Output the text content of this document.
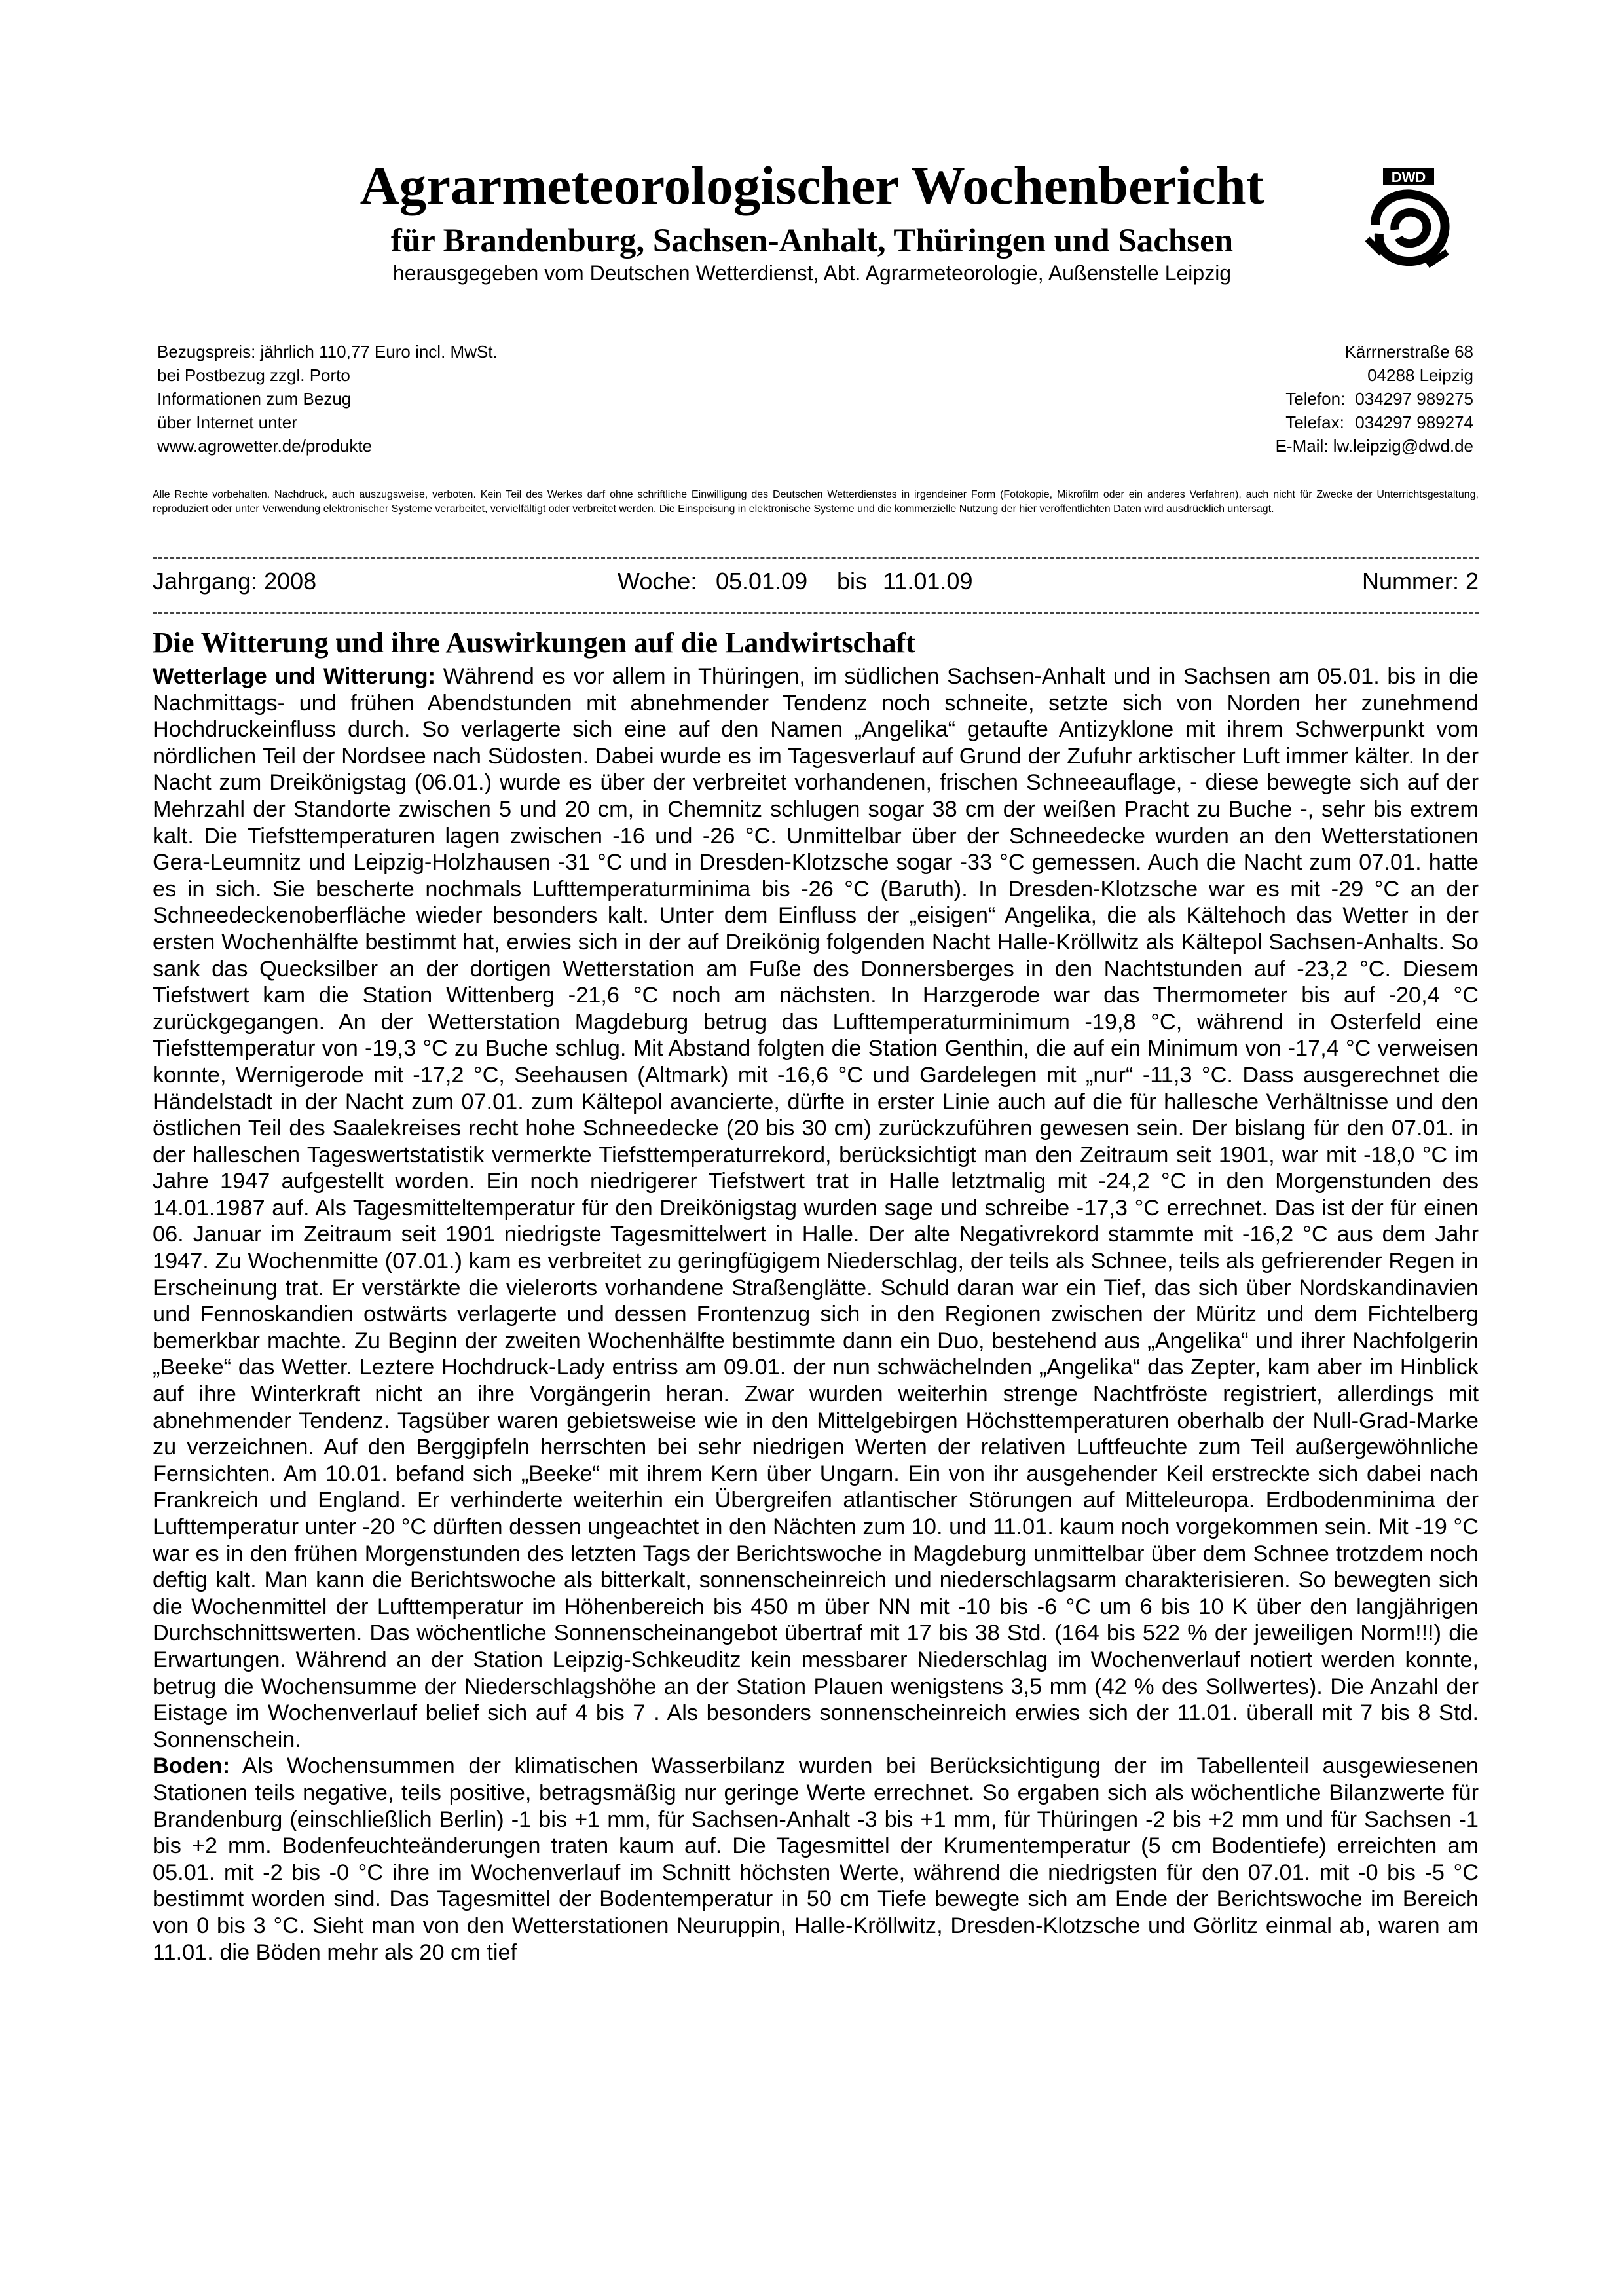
Agrarmeteorologischer Wochenbericht
für Brandenburg, Sachsen-Anhalt, Thüringen und Sachsen
herausgegeben vom Deutschen Wetterdienst, Abt. Agrarmeteorologie, Außenstelle Leipzig
DWD
Bezugspreis: jährlich 110,77 Euro incl. MwSt.
bei Postbezug zzgl. Porto
Informationen zum Bezug
über Internet unter
www.agrowetter.de/produkte
Kärrnerstraße 68
04288 Leipzig
Telefon: 034297 989275
Telefax: 034297 989274
E-Mail: lw.leipzig@dwd.de
Alle Rechte vorbehalten. Nachdruck, auch auszugsweise, verboten. Kein Teil des Werkes darf ohne schriftliche Einwilligung des Deutschen Wetterdienstes in irgendeiner Form (Fotokopie, Mikrofilm oder ein anderes Verfahren), auch nicht für Zwecke der Unterrichtsgestaltung, reproduziert oder unter Verwendung elektronischer Systeme verarbeitet, vervielfältigt oder verbreitet werden. Die Einspeisung in elektronische Systeme und die kommerzielle Nutzung der hier veröffentlichten Daten wird ausdrücklich untersagt.
Jahrgang: 2008	Woche: 05.01.09 bis 11.01.09	Nummer: 2
Die Witterung und ihre Auswirkungen auf die Landwirtschaft

Wetterlage und Witterung: Während es vor allem in Thüringen, im südlichen Sachsen-Anhalt und in Sachsen am 05.01. bis in die Nachmittags- und frühen Abendstunden mit abnehmender Tendenz noch schneite, setzte sich von Norden her zunehmend Hochdruckeinfluss durch. So verlagerte sich eine auf den Namen „Angelika“ getaufte Antizyklone mit ihrem Schwerpunkt vom nördlichen Teil der Nordsee nach Südosten. Dabei wurde es im Tagesverlauf auf Grund der Zufuhr arktischer Luft immer kälter. In der Nacht zum Dreikönigstag (06.01.) wurde es über der verbreitet vorhandenen, frischen Schneeauflage, - diese bewegte sich auf der Mehrzahl der Standorte zwischen 5 und 20 cm, in Chemnitz schlugen sogar 38 cm der weißen Pracht zu Buche -, sehr bis extrem kalt. Die Tiefsttemperaturen lagen zwischen -16 und -26 °C. Unmittelbar über der Schneedecke wurden an den Wetterstationen Gera-Leumnitz und Leipzig-Holzhausen -31 °C und in Dresden-Klotzsche sogar -33 °C gemessen. Auch die Nacht zum 07.01. hatte es in sich. Sie bescherte nochmals Lufttemperaturminima bis -26 °C (Baruth). In Dresden-Klotzsche war es mit -29 °C an der Schneedeckenoberfläche wieder besonders kalt. Unter dem Einfluss der „eisigen“ Angelika, die als Kältehoch das Wetter in der ersten Wochenhälfte bestimmt hat, erwies sich in der auf Dreikönig folgenden Nacht Halle-Kröllwitz als Kältepol Sachsen-Anhalts. So sank das Quecksilber an der dortigen Wetterstation am Fuße des Donnersberges in den Nachtstunden auf -23,2 °C. Diesem Tiefstwert kam die Station Wittenberg -21,6 °C noch am nächsten. In Harzgerode war das Thermometer bis auf -20,4 °C zurückgegangen. An der Wetterstation Magdeburg betrug das Lufttemperaturminimum -19,8 °C, während in Osterfeld eine Tiefsttemperatur von -19,3 °C zu Buche schlug. Mit Abstand folgten die Station Genthin, die auf ein Minimum von -17,4 °C verweisen konnte, Wernigerode mit -17,2 °C, Seehausen (Altmark) mit -16,6 °C und Gardelegen mit „nur“ -11,3 °C. Dass ausgerechnet die Händelstadt in der Nacht zum 07.01. zum Kältepol avancierte, dürfte in erster Linie auch auf die für hallesche Verhältnisse und den östlichen Teil des Saalekreises recht hohe Schneedecke (20 bis 30 cm) zurückzuführen gewesen sein. Der bislang für den 07.01. in der halleschen Tageswertstatistik vermerkte Tiefsttemperaturrekord, berücksichtigt man den Zeitraum seit 1901, war mit -18,0 °C im Jahre 1947 aufgestellt worden. Ein noch niedrigerer Tiefstwert trat in Halle letztmalig mit -24,2 °C in den Morgenstunden des 14.01.1987 auf. Als Tagesmitteltemperatur für den Dreikönigstag wurden sage und schreibe -17,3 °C errechnet. Das ist der für einen 06. Januar im Zeitraum seit 1901 niedrigste Tagesmittelwert in Halle. Der alte Negativrekord stammte mit -16,2 °C aus dem Jahr 1947. Zu Wochenmitte (07.01.) kam es verbreitet zu geringfügigem Niederschlag, der teils als Schnee, teils als gefrierender Regen in Erscheinung trat. Er verstärkte die vielerorts vorhandene Straßenglätte. Schuld daran war ein Tief, das sich über Nordskandinavien und Fennoskandien ostwärts verlagerte und dessen Frontenzug sich in den Regionen zwischen der Müritz und dem Fichtelberg bemerkbar machte. Zu Beginn der zweiten Wochenhälfte bestimmte dann ein Duo, bestehend aus „Angelika“ und ihrer Nachfolgerin „Beeke“ das Wetter. Leztere Hochdruck-Lady entriss am 09.01. der nun schwächelnden „Angelika“ das Zepter, kam aber im Hinblick auf ihre Winterkraft nicht an ihre Vorgängerin heran. Zwar wurden weiterhin strenge Nachtfröste registriert, allerdings mit abnehmender Tendenz. Tagsüber waren gebietsweise wie in den Mittelgebirgen Höchsttemperaturen oberhalb der Null-Grad-Marke zu verzeichnen. Auf den Berggipfeln herrschten bei sehr niedrigen Werten der relativen Luftfeuchte zum Teil außergewöhnliche Fernsichten. Am 10.01. befand sich „Beeke“ mit ihrem Kern über Ungarn. Ein von ihr ausgehender Keil erstreckte sich dabei nach Frankreich und England. Er verhinderte weiterhin ein Übergreifen atlantischer Störungen auf Mitteleuropa. Erdbodenminima der Lufttemperatur unter -20 °C dürften dessen ungeachtet in den Nächten zum 10. und 11.01. kaum noch vorgekommen sein. Mit -19 °C war es in den frühen Morgenstunden des letzten Tags der Berichtswoche in Magdeburg unmittelbar über dem Schnee trotzdem noch deftig kalt. Man kann die Berichtswoche als bitterkalt, sonnenscheinreich und niederschlagsarm charakterisieren. So bewegten sich die Wochenmittel der Lufttemperatur im Höhenbereich bis 450 m über NN mit -10 bis -6 °C um 6 bis 10 K über den langjährigen Durchschnittswerten. Das wöchentliche Sonnenscheinangebot übertraf mit 17 bis 38 Std. (164 bis 522 % der jeweiligen Norm!!!) die Erwartungen. Während an der Station Leipzig-Schkeuditz kein messbarer Niederschlag im Wochenverlauf notiert werden konnte, betrug die Wochensumme der Niederschlagshöhe an der Station Plauen wenigstens 3,5 mm (42 % des Sollwertes). Die Anzahl der Eistage im Wochenverlauf belief sich auf 4 bis 7 . Als besonders sonnenscheinreich erwies sich der 11.01. überall mit 7 bis 8 Std. Sonnenschein.

Boden: Als Wochensummen der klimatischen Wasserbilanz wurden bei Berücksichtigung der im Tabellenteil ausgewiesenen Stationen teils negative, teils positive, betragsmäßig nur geringe Werte errechnet. So ergaben sich als wöchentliche Bilanzwerte für Brandenburg (einschließlich Berlin) -1 bis +1 mm, für Sachsen-Anhalt -3 bis +1 mm, für Thüringen -2 bis +2 mm und für Sachsen -1 bis +2 mm. Bodenfeuchteänderungen traten kaum auf. Die Tagesmittel der Krumentemperatur (5 cm Bodentiefe) erreichten am 05.01. mit -2 bis -0 °C ihre im Wochenverlauf im Schnitt höchsten Werte, während die niedrigsten für den 07.01. mit -0 bis -5 °C bestimmt worden sind. Das Tagesmittel der Bodentemperatur in 50 cm Tiefe bewegte sich am Ende der Berichtswoche im Bereich von 0 bis 3 °C. Sieht man von den Wetterstationen Neuruppin, Halle-Kröllwitz, Dresden-Klotzsche und Görlitz einmal ab, waren am 11.01. die Böden mehr als 20 cm tief
